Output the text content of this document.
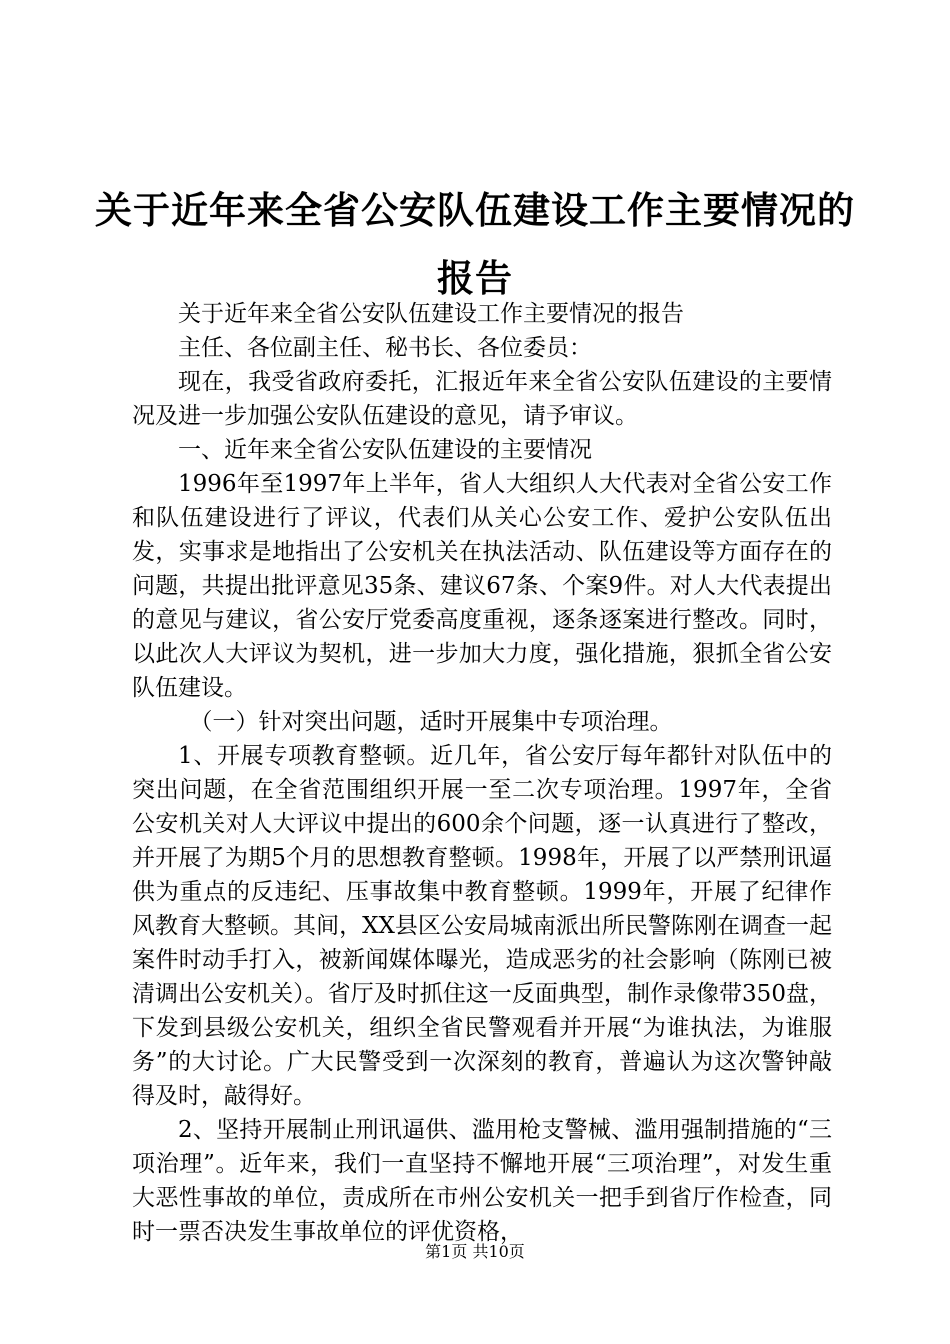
关于近年来全省公安队伍建设工作主要情况的
报告

关于近年来全省公安队伍建设工作主要情况的报告

主任、各位副主任、秘书长、各位委员：

现在，我受省政府委托，汇报近年来全省公安队伍建设的主要情况及进一步加强公安队伍建设的意见，请予审议。

一、近年来全省公安队伍建设的主要情况

1996年至1997年上半年，省人大组织人大代表对全省公安工作和队伍建设进行了评议，代表们从关心公安工作、爱护公安队伍出发，实事求是地指出了公安机关在执法活动、队伍建设等方面存在的问题，共提出批评意见35条、建议67条、个案9件。对人大代表提出的意见与建议，省公安厅党委高度重视，逐条逐案进行整改。同时，以此次人大评议为契机，进一步加大力度，强化措施，狠抓全省公安队伍建设。

（一）针对突出问题，适时开展集中专项治理。

1、开展专项教育整顿。近几年，省公安厅每年都针对队伍中的突出问题，在全省范围组织开展一至二次专项治理。1997年，全省公安机关对人大评议中提出的600余个问题，逐一认真进行了整改，并开展了为期5个月的思想教育整顿。1998年，开展了以严禁刑讯逼供为重点的反违纪、压事故集中教育整顿。1999年，开展了纪律作风教育大整顿。其间，XX县区公安局城南派出所民警陈刚在调查一起案件时动手打入，被新闻媒体曝光，造成恶劣的社会影响（陈刚已被清调出公安机关）。省厅及时抓住这一反面典型，制作录像带350盘，下发到县级公安机关，组织全省民警观看并开展“为谁执法，为谁服务”的大讨论。广大民警受到一次深刻的教育，普遍认为这次警钟敲得及时，敲得好。

2、坚持开展制止刑讯逼供、滥用枪支警械、滥用强制措施的“三项治理”。近年来，我们一直坚持不懈地开展“三项治理”，对发生重大恶性事故的单位，责成所在市州公安机关一把手到省厅作检查，同时一票否决发生事故单位的评优资格，

第1页 共10页
